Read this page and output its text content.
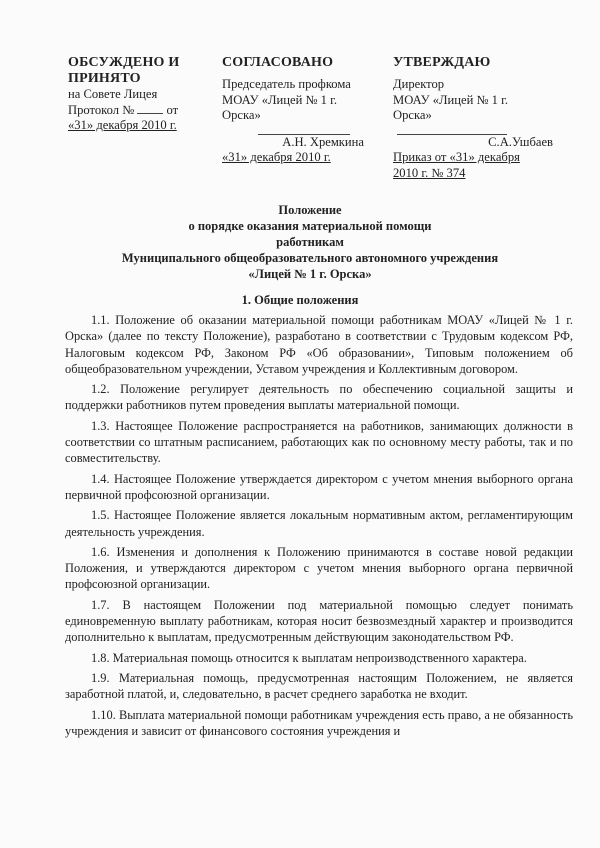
ОБСУЖДЕНО И
ПРИНЯТО
на Совете Лицея
Протокол №	от
«31» декабря 2010 г.
СОГЛАСОВАНО
Председатель профкома
МОАУ «Лицей № 1 г.
Орска»
А.Н. Хремкина
«31» декабря 2010 г.
УТВЕРЖДАЮ
Директор
МОАУ «Лицей № 1 г.
Орска»
С.А.Ушбаев
Приказ от «31» декабря
2010 г. № 374
Положение
о порядке оказания материальной помощи
работникам
Муниципального общеобразовательного автономного учреждения
«Лицей № 1 г. Орска»
1. Общие положения

1.1. Положение об оказании материальной помощи работникам МОАУ «Лицей № 1 г. Орска» (далее по тексту Положение), разработано в соответствии с Трудовым кодексом РФ, Налоговым кодексом РФ, Законом РФ «Об образовании», Типовым положением об общеобразовательном учреждении, Уставом учреждения и Коллективным договором.

1.2. Положение регулирует деятельность по обеспечению социальной защиты и поддержки работников путем проведения выплаты материальной помощи.

1.3. Настоящее Положение распространяется на работников, занимающих должности в соответствии со штатным расписанием, работающих как по основному месту работы, так и по совместительству.

1.4. Настоящее Положение утверждается директором с учетом мнения выборного органа первичной профсоюзной организации.

1.5. Настоящее Положение является локальным нормативным актом, регламентирующим деятельность учреждения.

1.6. Изменения и дополнения к Положению принимаются в составе новой редакции Положения, и утверждаются директором с учетом мнения выборного органа первичной профсоюзной организации.

1.7. В настоящем Положении под материальной помощью следует понимать единовременную выплату работникам, которая носит безвозмездный характер и производится дополнительно к выплатам, предусмотренным действующим законодательством РФ.

1.8. Материальная помощь относится к выплатам непроизводственного характера.

1.9. Материальная помощь, предусмотренная настоящим Положением, не является заработной платой, и, следовательно, в расчет среднего заработка не входит.

1.10. Выплата материальной помощи работникам учреждения есть право, а не обязанность учреждения и зависит от финансового состояния учреждения и
